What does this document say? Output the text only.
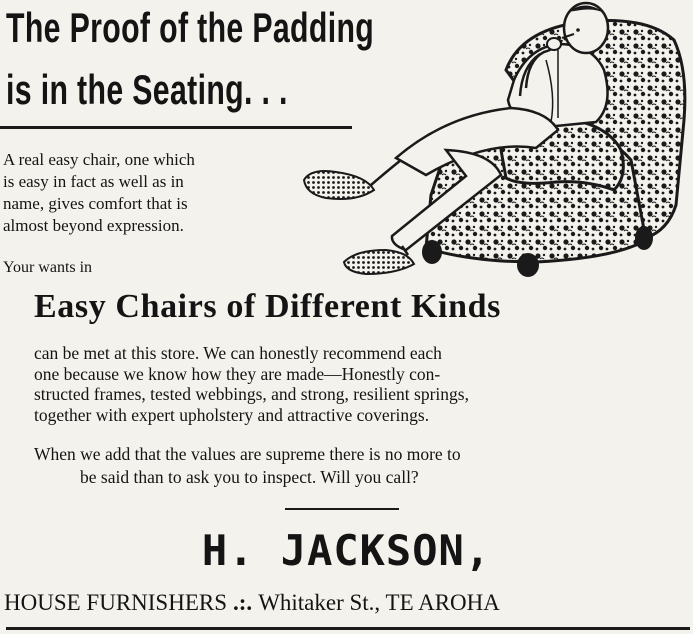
The Proof of the Padding
is in the Seating. . .

A real easy chair, one which
is easy in fact as well as in
name, gives comfort that is
almost beyond expression.

Your wants in

Easy Chairs of Different Kinds

can be met at this store. We can honestly recommend each
one because we know how they are made—Honestly con-
structed frames, tested webbings, and strong, resilient springs,
together with expert upholstery and attractive coverings.

When we add that the values are supreme there is no more to
be said than to ask you to inspect. Will you call?

H. JACKSON,

HOUSE FURNISHERS .:. Whitaker St., TE AROHA
